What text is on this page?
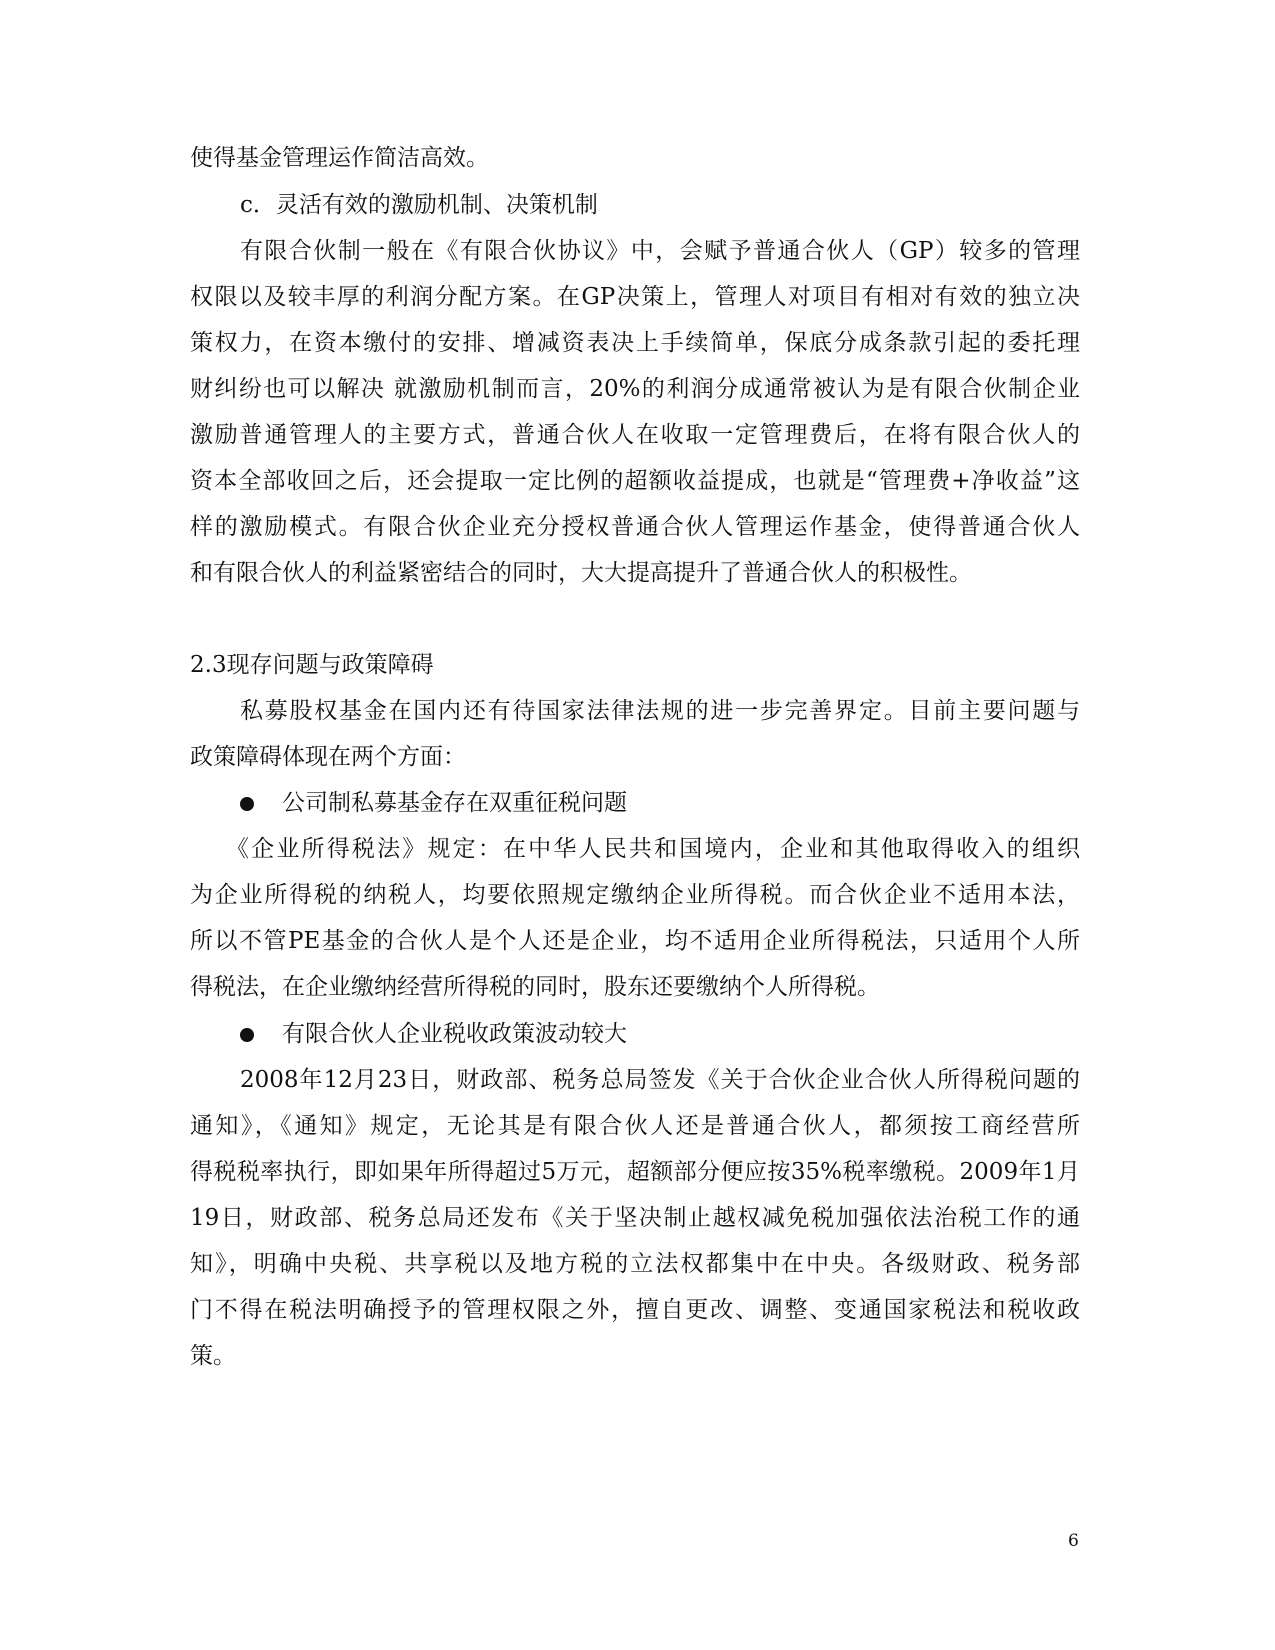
使得基金管理运作简洁高效。
c．灵活有效的激励机制、决策机制
有限合伙制一般在《有限合伙协议》中，会赋予普通合伙人（GP）较多的管理
权限以及较丰厚的利润分配方案。在GP决策上，管理人对项目有相对有效的独立决
策权力，在资本缴付的安排、增减资表决上手续简单，保底分成条款引起的委托理
财纠纷也可以解决 就激励机制而言，20%的利润分成通常被认为是有限合伙制企业
激励普通管理人的主要方式，普通合伙人在收取一定管理费后，在将有限合伙人的
资本全部收回之后，还会提取一定比例的超额收益提成，也就是“管理费+净收益”这
样的激励模式。有限合伙企业充分授权普通合伙人管理运作基金，使得普通合伙人
和有限合伙人的利益紧密结合的同时，大大提高提升了普通合伙人的积极性。
2.3现存问题与政策障碍
私募股权基金在国内还有待国家法律法规的进一步完善界定。目前主要问题与
政策障碍体现在两个方面：
公司制私募基金存在双重征税问题
《企业所得税法》规定：在中华人民共和国境内，企业和其他取得收入的组织
为企业所得税的纳税人，均要依照规定缴纳企业所得税。而合伙企业不适用本法，
所以不管PE基金的合伙人是个人还是企业，均不适用企业所得税法，只适用个人所
得税法，在企业缴纳经营所得税的同时，股东还要缴纳个人所得税。
有限合伙人企业税收政策波动较大
2008年12月23日，财政部、税务总局签发《关于合伙企业合伙人所得税问题的
通知》，《通知》规定，无论其是有限合伙人还是普通合伙人，都须按工商经营所
得税税率执行，即如果年所得超过5万元，超额部分便应按35%税率缴税。2009年1月
19日，财政部、税务总局还发布《关于坚决制止越权减免税加强依法治税工作的通
知》，明确中央税、共享税以及地方税的立法权都集中在中央。各级财政、税务部
门不得在税法明确授予的管理权限之外，擅自更改、调整、变通国家税法和税收政
策。
6
